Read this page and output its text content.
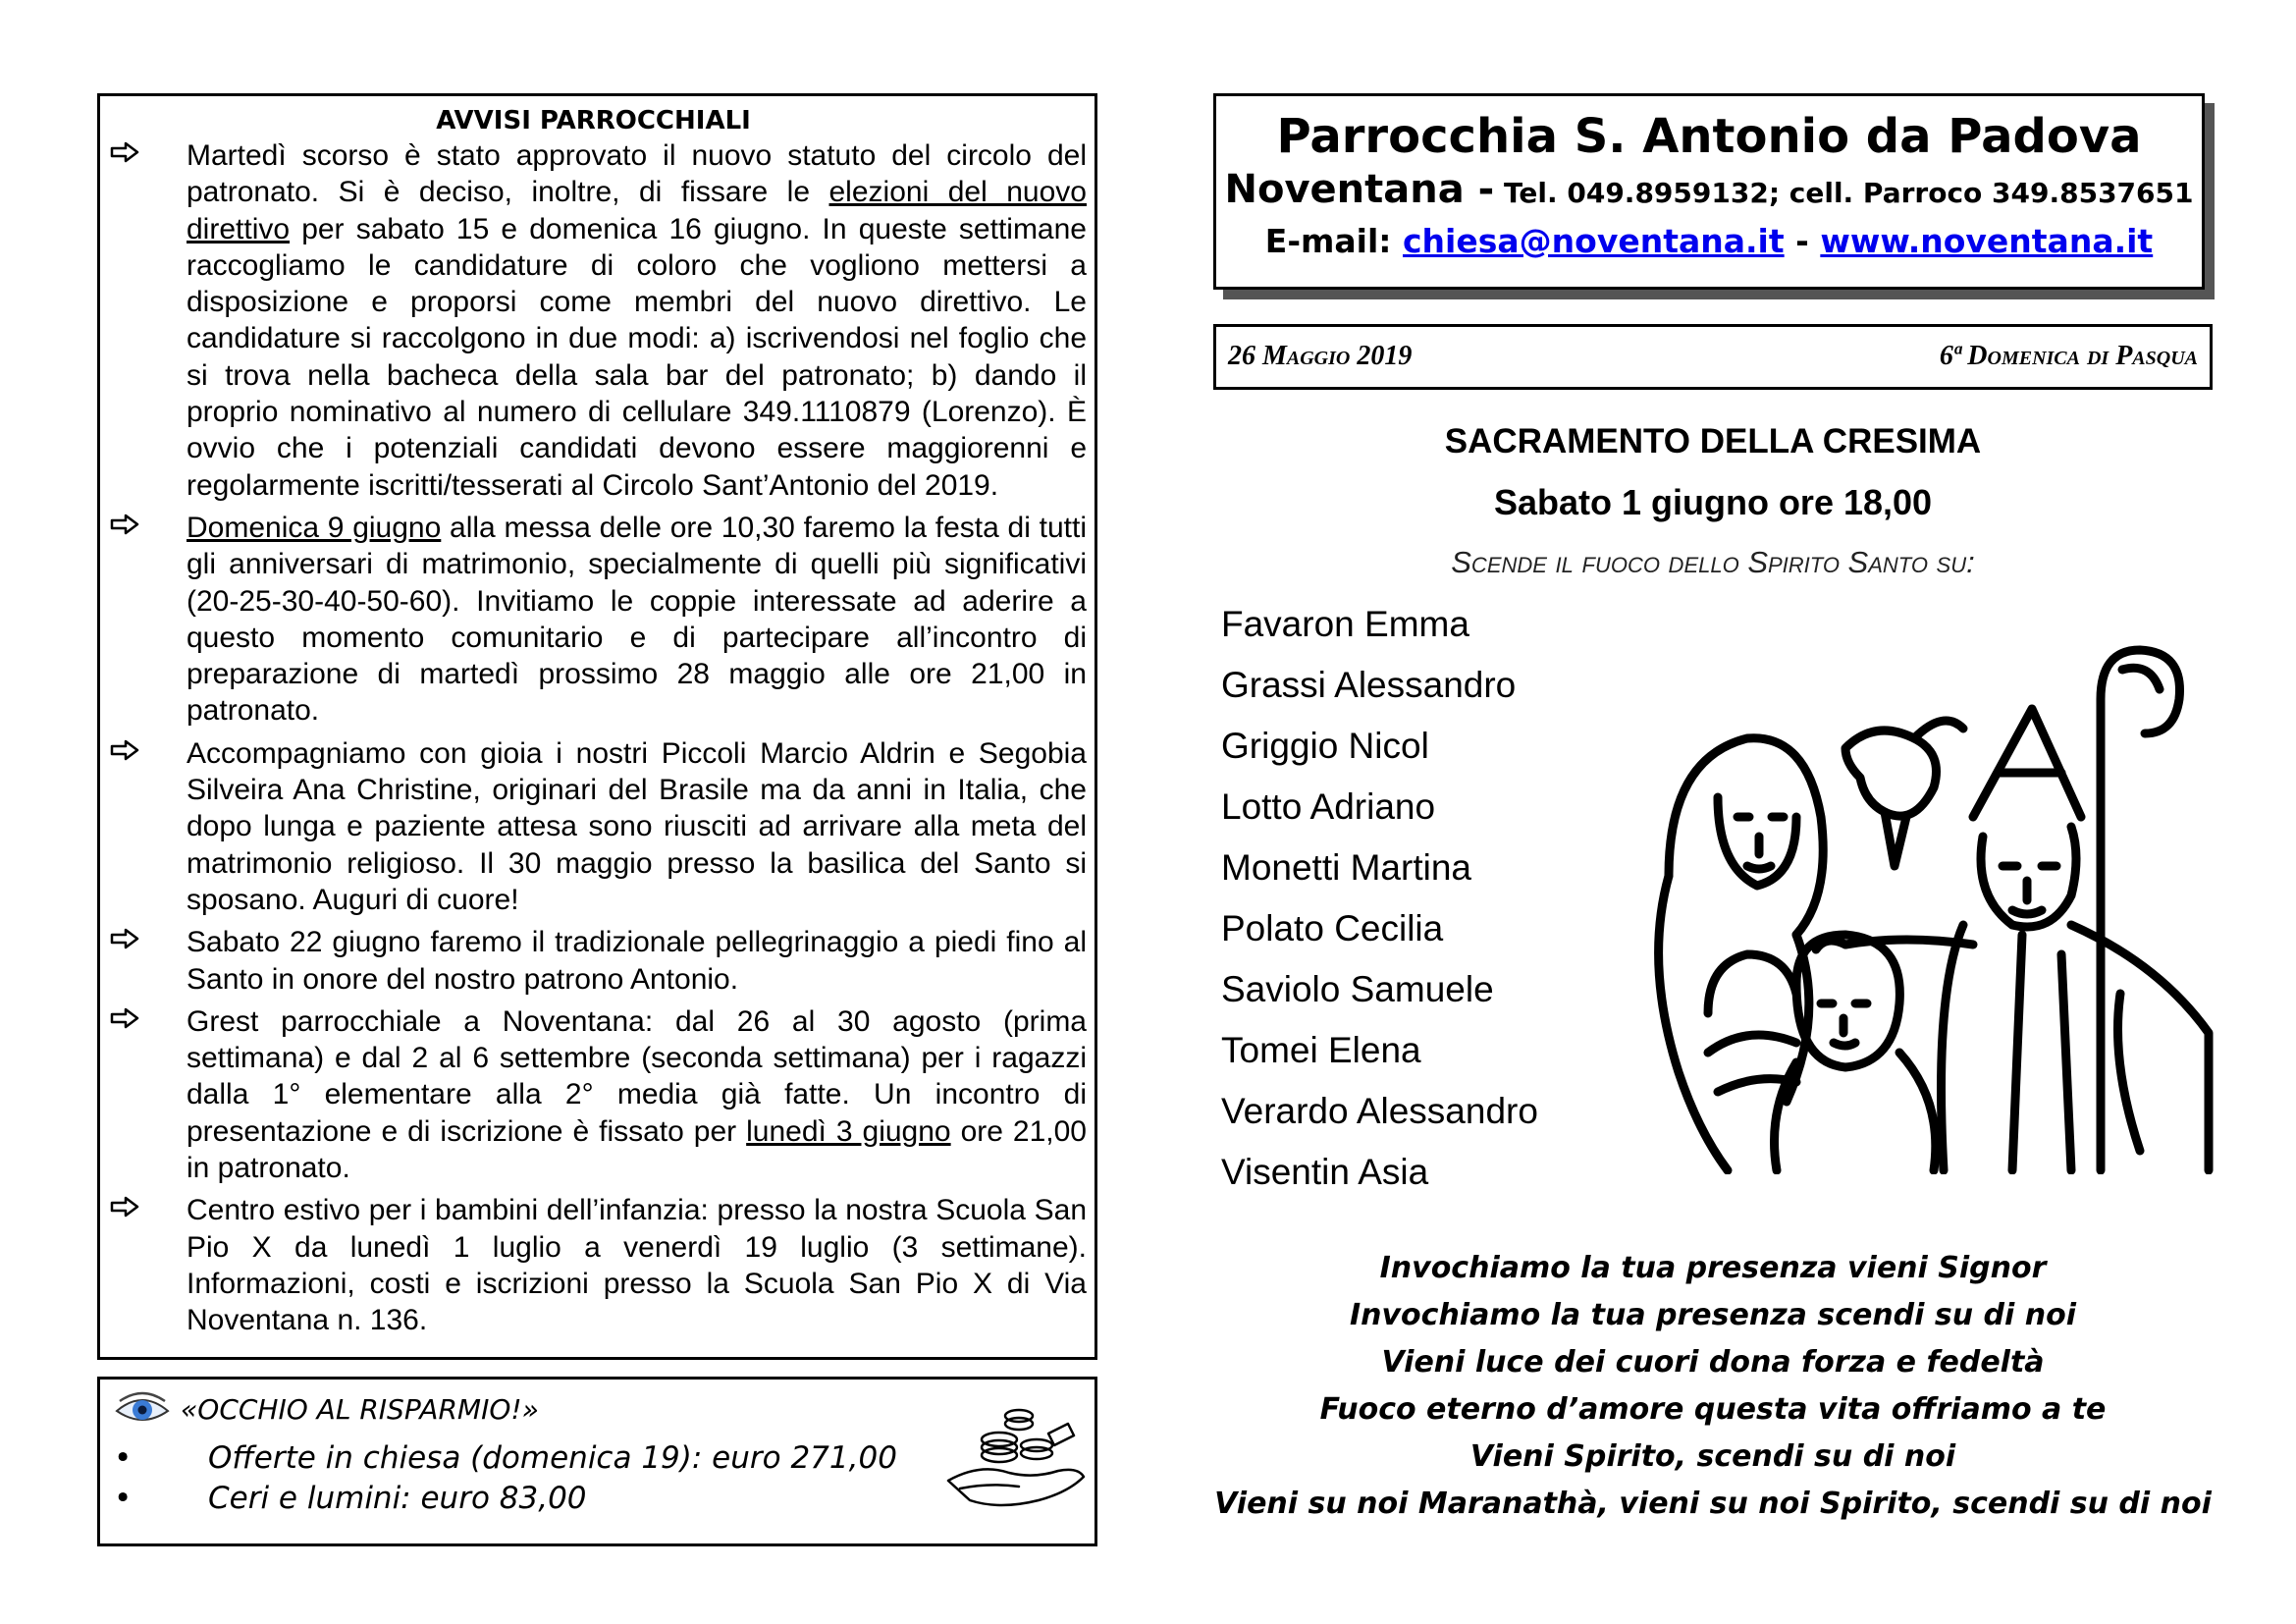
AVVISI PARROCCHIALI

Martedì scorso è stato approvato il nuovo statuto del circolo del patronato. Si è deciso, inoltre, di fissare le elezioni del nuovo direttivo per sabato 15 e domenica 16 giugno. In queste settimane raccogliamo le candidature di coloro che vogliono mettersi a disposizione e proporsi come membri del nuovo direttivo. Le candidature si raccolgono in due modi: a) iscrivendosi nel foglio che si trova nella bacheca della sala bar del patronato; b) dando il proprio nominativo al numero di cellulare 349.1110879 (Lorenzo). È ovvio che i potenziali candidati devono essere maggiorenni e regolarmente iscritti/tesserati al Circolo Sant’Antonio del 2019.

Domenica 9 giugno alla messa delle ore 10,30 faremo la festa di tutti gli anniversari di matrimonio, specialmente di quelli più significativi (20-25-30-40-50-60). Invitiamo le coppie interessate ad aderire a questo momento comunitario e di partecipare all’incontro di preparazione di martedì prossimo 28 maggio alle ore 21,00 in patronato.

Accompagniamo con gioia i nostri Piccoli Marcio Aldrin e Segobia Silveira Ana Christine, originari del Brasile ma da anni in Italia, che dopo lunga e paziente attesa sono riusciti ad arrivare alla meta del matrimonio religioso. Il 30 maggio presso la basilica del Santo si sposano. Auguri di cuore!

Sabato 22 giugno faremo il tradizionale pellegrinaggio a piedi fino al Santo in onore del nostro patrono Antonio.

Grest parrocchiale a Noventana: dal 26 al 30 agosto (prima settimana) e dal 2 al 6 settembre (seconda settimana) per i ragazzi dalla 1° elementare alla 2° media già fatte. Un incontro di presentazione e di iscrizione è fissato per lunedì 3 giugno ore 21,00 in patronato.

Centro estivo per i bambini dell’infanzia: presso la nostra Scuola San Pio X da lunedì 1 luglio a venerdì 19 luglio (3 settimane). Informazioni, costi e iscrizioni presso la Scuola San Pio X di Via Noventana n. 136.

«OCCHIO AL RISPARMIO!»
•	Offerte in chiesa (domenica 19): euro 271,00
•	Ceri e lumini: euro 83,00
Parrocchia S. Antonio da Padova
Noventana - Tel. 049.8959132; cell. Parroco 349.8537651
E-mail: chiesa@noventana.it - www.noventana.it
26 Maggio 2019	6ª Domenica di Pasqua
SACRAMENTO DELLA CRESIMA
Sabato 1 giugno ore 18,00
Scende il fuoco dello Spirito Santo su:
Favaron Emma
Grassi Alessandro
Griggio Nicol
Lotto Adriano
Monetti Martina
Polato Cecilia
Saviolo Samuele
Tomei Elena
Verardo Alessandro
Visentin Asia
Invochiamo la tua presenza vieni Signor
Invochiamo la tua presenza scendi su di noi
Vieni luce dei cuori dona forza e fedeltà
Fuoco eterno d’amore questa vita offriamo a te
Vieni Spirito, scendi su di noi
Vieni su noi Maranathà, vieni su noi Spirito, scendi su di noi
